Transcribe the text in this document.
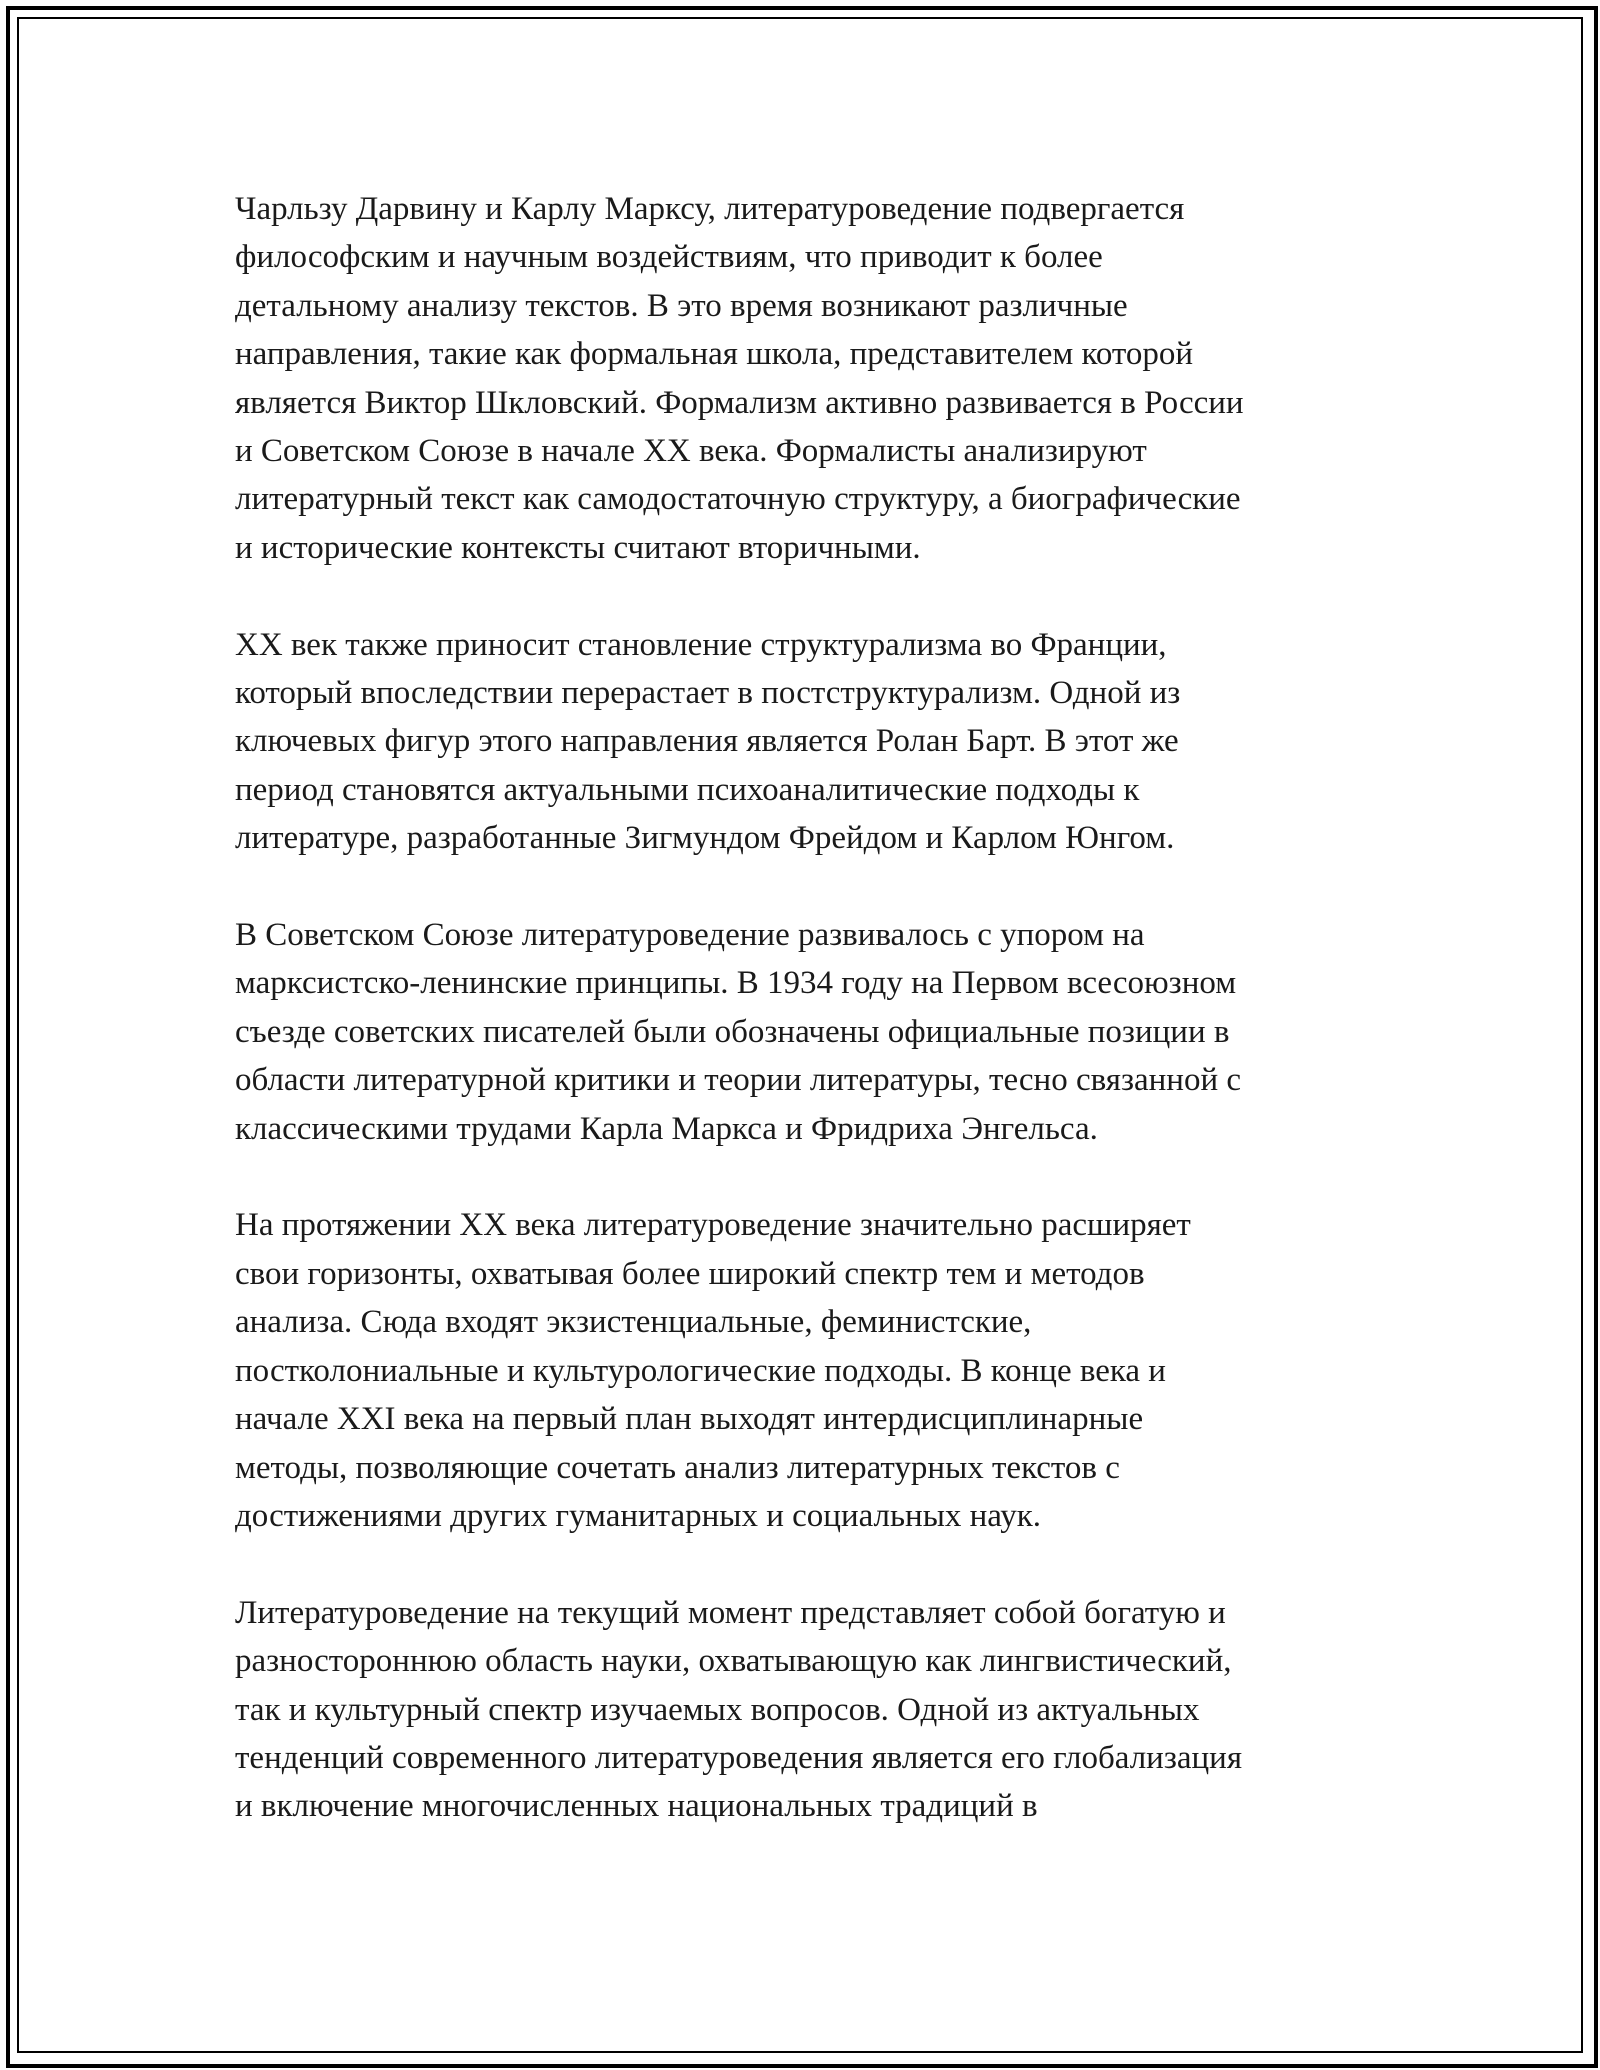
Чарльзу Дарвину и Карлу Марксу, литературоведение подвергается
философским и научным воздействиям, что приводит к более
детальному анализу текстов. В это время возникают различные
направления, такие как формальная школа, представителем которой
является Виктор Шкловский. Формализм активно развивается в России
и Советском Союзе в начале XX века. Формалисты анализируют
литературный текст как самодостаточную структуру, а биографические
и исторические контексты считают вторичными.

XX век также приносит становление структурализма во Франции,
который впоследствии перерастает в постструктурализм. Одной из
ключевых фигур этого направления является Ролан Барт. В этот же
период становятся актуальными психоаналитические подходы к
литературе, разработанные Зигмундом Фрейдом и Карлом Юнгом.

В Советском Союзе литературоведение развивалось с упором на
марксистско-ленинские принципы. В 1934 году на Первом всесоюзном
съезде советских писателей были обозначены официальные позиции в
области литературной критики и теории литературы, тесно связанной с
классическими трудами Карла Маркса и Фридриха Энгельса.

На протяжении XX века литературоведение значительно расширяет
свои горизонты, охватывая более широкий спектр тем и методов
анализа. Сюда входят экзистенциальные, феминистские,
постколониальные и культурологические подходы. В конце века и
начале XXI века на первый план выходят интердисциплинарные
методы, позволяющие сочетать анализ литературных текстов с
достижениями других гуманитарных и социальных наук.

Литературоведение на текущий момент представляет собой богатую и
разностороннюю область науки, охватывающую как лингвистический,
так и культурный спектр изучаемых вопросов. Одной из актуальных
тенденций современного литературоведения является его глобализация
и включение многочисленных национальных традиций в
